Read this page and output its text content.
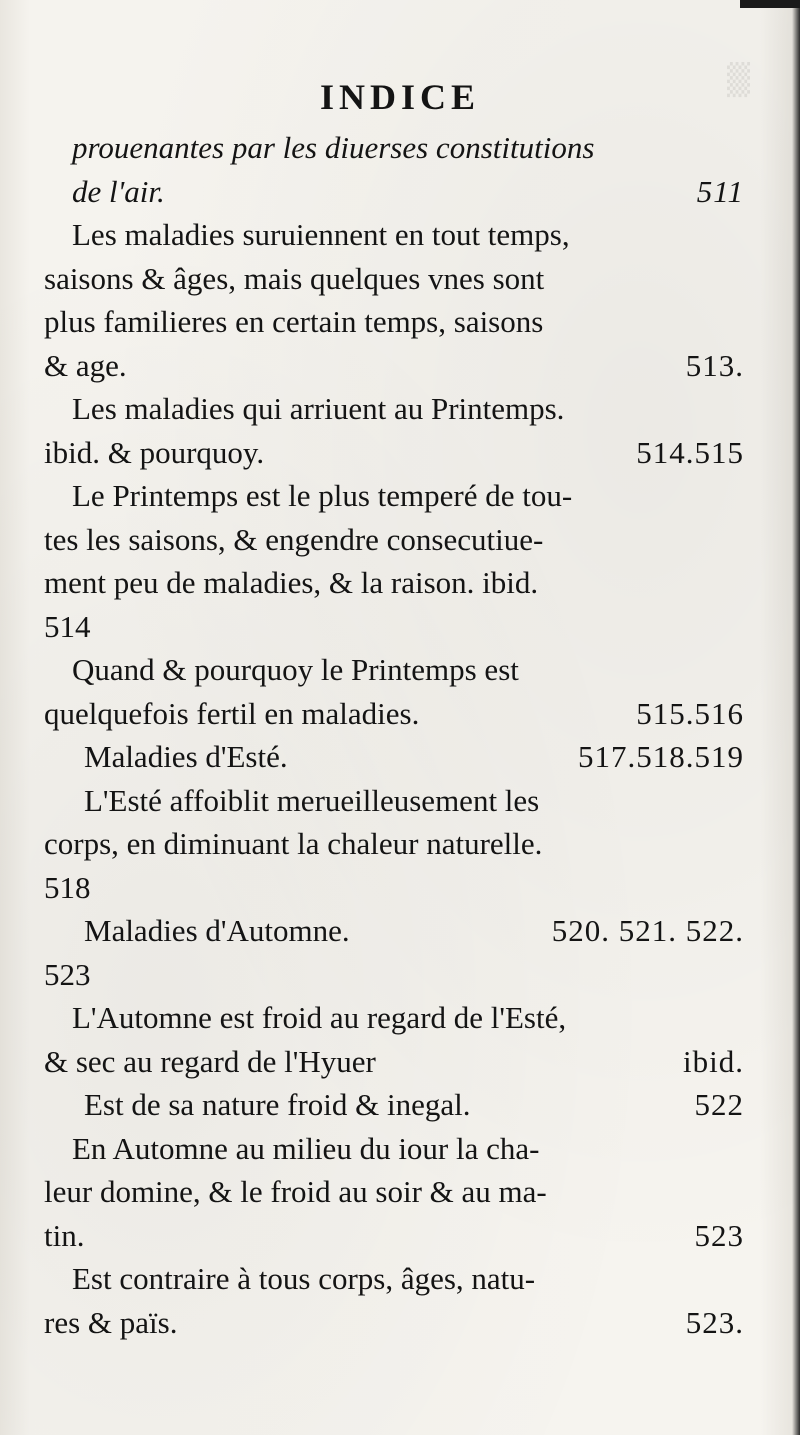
▒
INDICE
prouenantes par les diuerses constitutions
de l'air.	511
Les maladies suruiennent en tout temps,
saisons & âges, mais quelques vnes sont
plus familieres en certain temps, saisons
& age.	513.
Les maladies qui arriuent au Printemps.
ibid. & pourquoy.	514.515
Le Printemps est le plus temperé de tou-
tes les saisons, & engendre consecutiue-
ment peu de maladies, & la raison. ibid.
514
Quand & pourquoy le Printemps est
quelquefois fertil en maladies.	515.516
Maladies d'Esté.	517.518.519
L'Esté affoiblit merueilleusement les
corps, en diminuant la chaleur naturelle.
518
Maladies d'Automne.	520. 521. 522.
523
L'Automne est froid au regard de l'Esté,
& sec au regard de l'Hyuer	ibid.
Est de sa nature froid & inegal.	522
En Automne au milieu du iour la cha-
leur domine, & le froid au soir & au ma-
tin.	523
Est contraire à tous corps, âges, natu-
res & païs.	523.
